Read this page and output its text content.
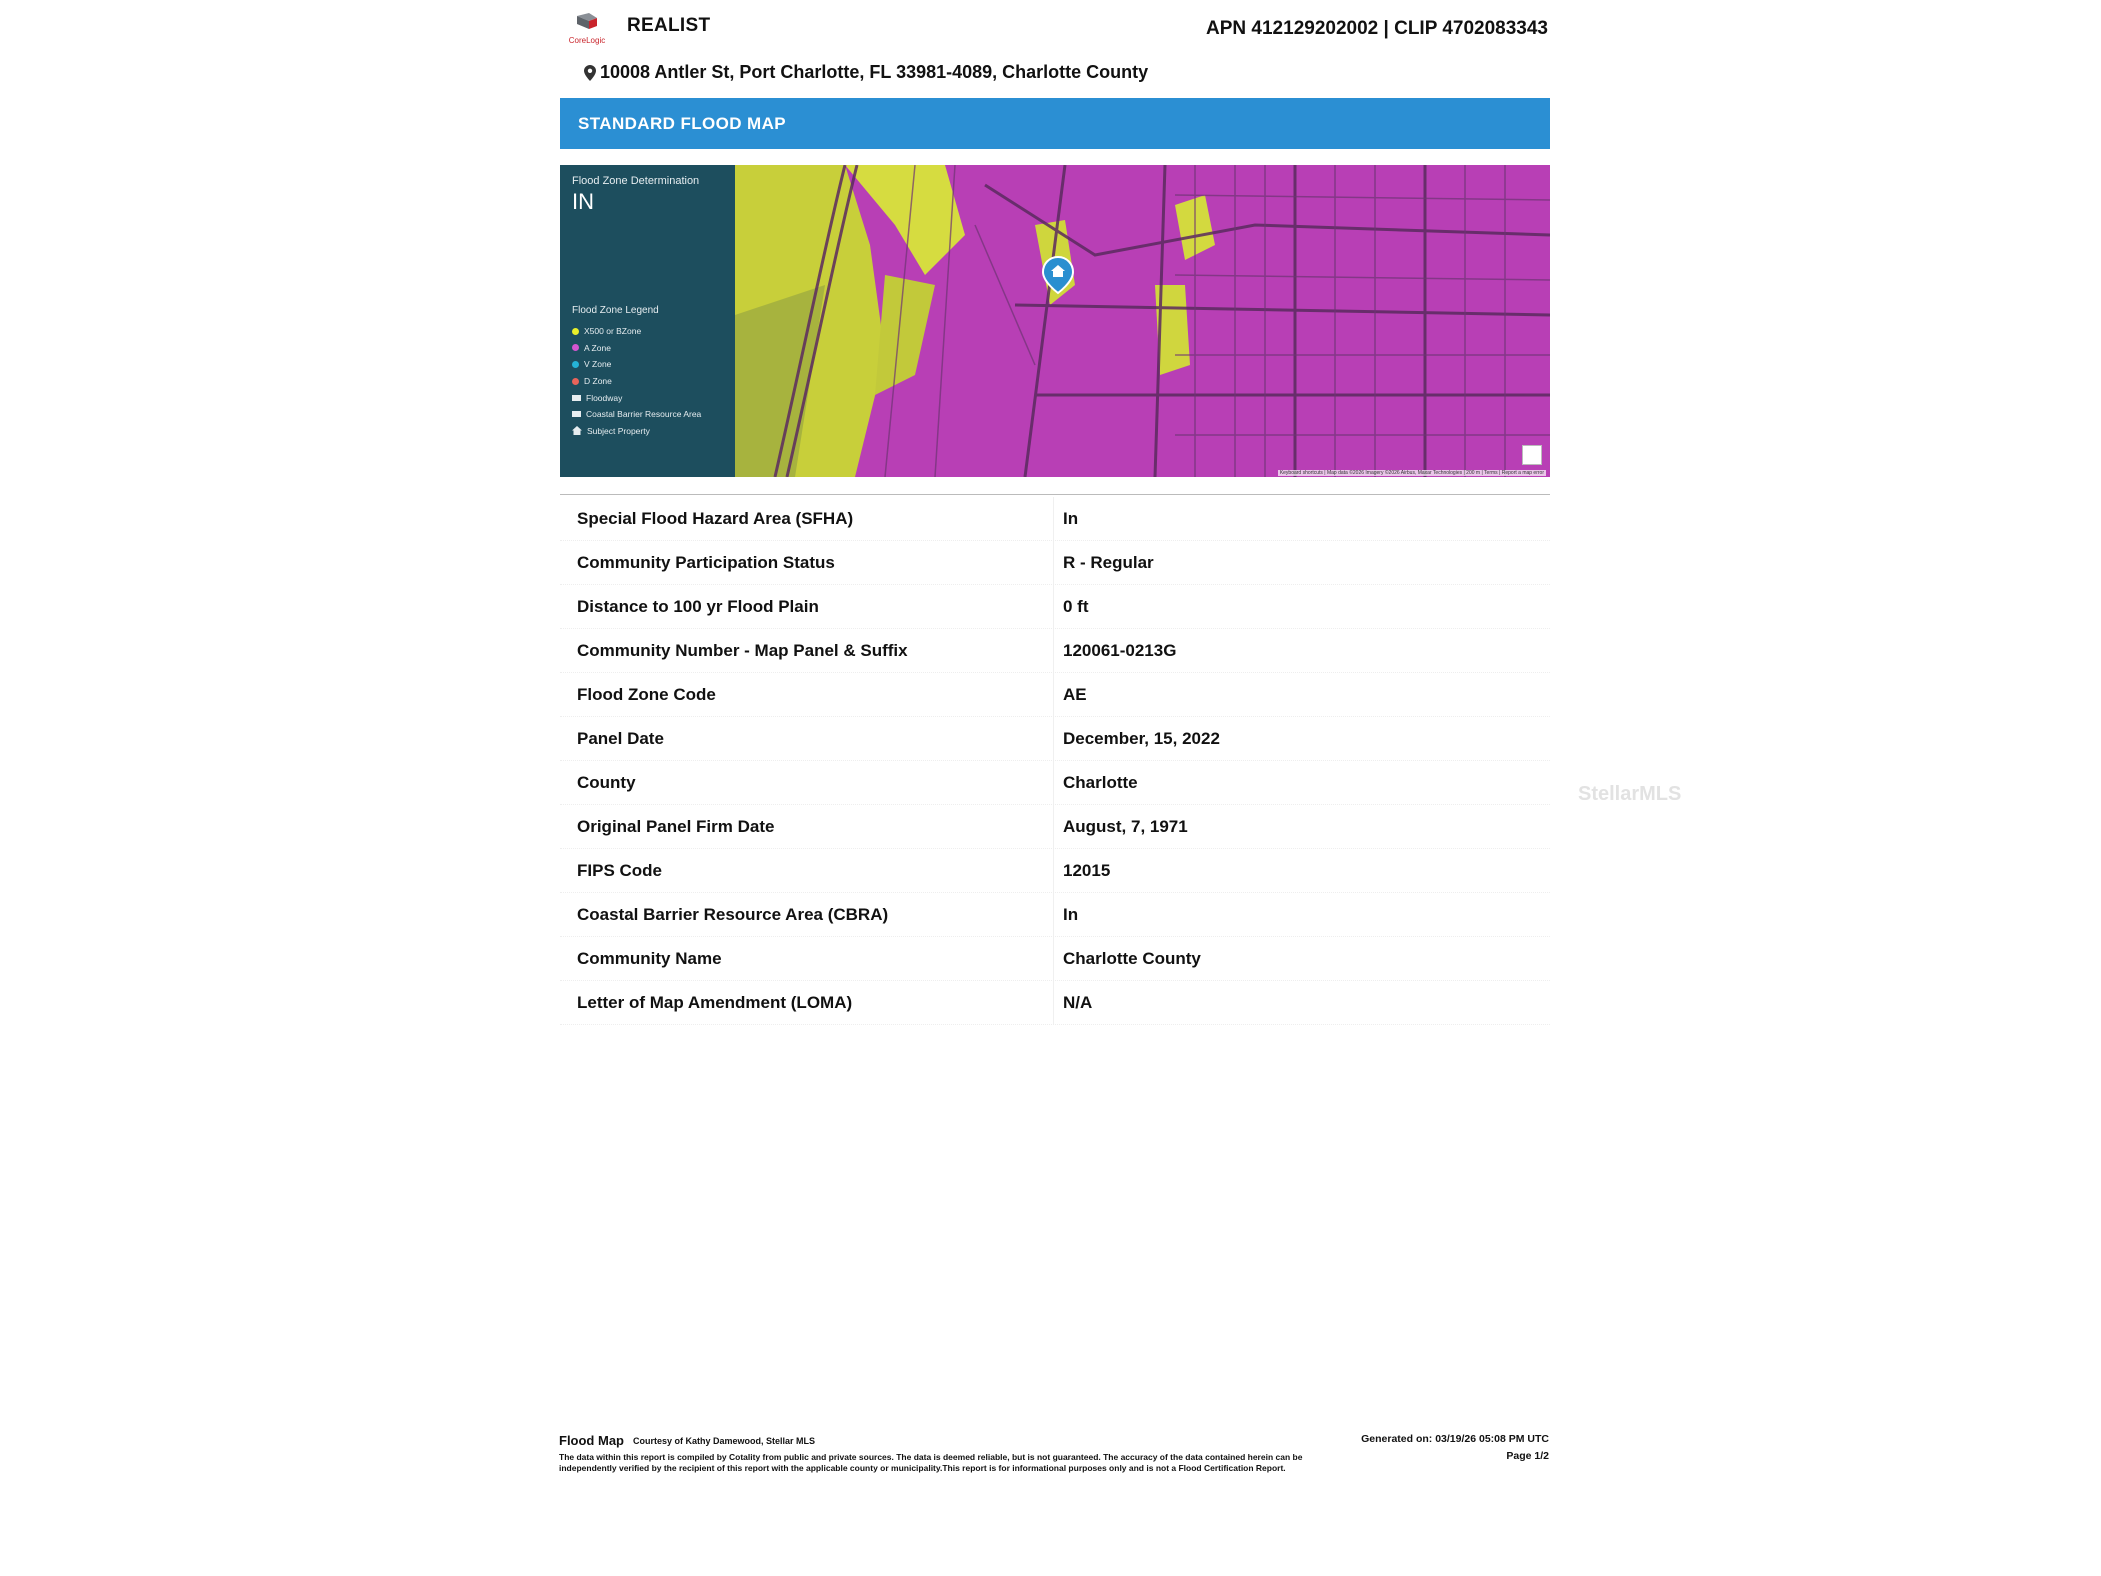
CoreLogic
REALIST	APN 412129202002 | CLIP 4702083343
10008 Antler St, Port Charlotte, FL 33981-4089, Charlotte County
STANDARD FLOOD MAP
Flood Zone Determination
IN
Flood Zone Legend
X500 or BZone
A Zone
V Zone
D Zone
Floodway
Coastal Barrier Resource Area
Subject Property
Keyboard shortcuts | Map data ©2026 Imagery ©2026 Airbus, Maxar Technologies | 200 m | Terms | Report a map error
Special Flood Hazard Area (SFHA)	In
Community Participation Status	R - Regular
Distance to 100 yr Flood Plain	0 ft
Community Number - Map Panel & Suffix	120061-0213G
Flood Zone Code	AE
Panel Date	December, 15, 2022
County	Charlotte
Original Panel Firm Date	August, 7, 1971
FIPS Code	12015
Coastal Barrier Resource Area (CBRA)	In
Community Name	Charlotte County
Letter of Map Amendment (LOMA)	N/A
StellarMLS
Flood Map Courtesy of Kathy Damewood, Stellar MLS
The data within this report is compiled by Cotality from public and private sources. The data is deemed reliable, but is not guaranteed. The accuracy of the data contained herein can be independently verified by the recipient of this report with the applicable county or municipality.This report is for informational purposes only and is not a Flood Certification Report.
Generated on: 03/19/26 05:08 PM UTC
Page 1/2
